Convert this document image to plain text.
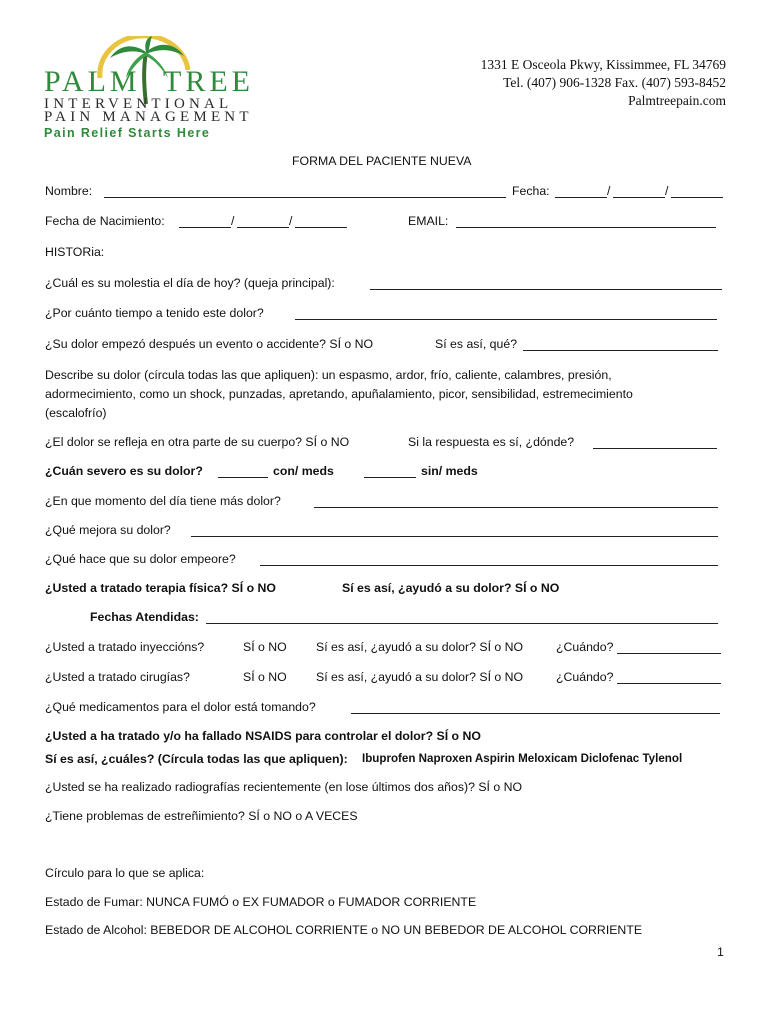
PALM TREE
INTERVENTIONAL
PAIN MANAGEMENT
Pain Relief Starts Here
1331 E Osceola Pkwy, Kissimmee, FL 34769
Tel. (407) 906-1328 Fax. (407) 593-8452
Palmtreepain.com
FORMA DEL PACIENTE NUEVA
Nombre:	Fecha:	/	/
Fecha de Nacimiento:	/	/	EMAIL:
HISTORia:
¿Cuál es su molestia el día de hoy? (queja principal):
¿Por cuánto tiempo a tenido este dolor?
¿Su dolor empezó después un evento o accidente? SÍ o NO	Sí es así, qué?
Describe su dolor (círcula todas las que apliquen): un espasmo, ardor, frío, caliente, calambres, presión,
adormecimiento, como un shock, punzadas, apretando, apuñalamiento, picor, sensibilidad, estremecimiento
(escalofrío)
¿El dolor se refleja en otra parte de su cuerpo? SÍ o NO	Si la respuesta es sí, ¿dónde?
¿Cuán severo es su dolor?	con/ meds	sin/ meds
¿En que momento del día tiene más dolor?
¿Qué mejora su dolor?
¿Qué hace que su dolor empeore?
¿Usted a tratado terapia física? SÍ o NO	Sí es así, ¿ayudó a su dolor? SÍ o NO
Fechas Atendidas:
¿Usted a tratado inyeccións?	SÍ o NO Sí es así, ¿ayudó a su dolor? SÍ o NO	¿Cuándo?
¿Usted a tratado cirugías?	SÍ o NO Sí es así, ¿ayudó a su dolor? SÍ o NO	¿Cuándo?
¿Qué medicamentos para el dolor está tomando?
¿Usted a ha tratado y/o ha fallado NSAIDS para controlar el dolor? SÍ o NO
Sí es así, ¿cuáles? (Círcula todas las que apliquen): Ibuprofen Naproxen Aspirin Meloxicam Diclofenac Tylenol
¿Usted se ha realizado radiografías recientemente (en lose últimos dos años)? SÍ o NO
¿Tiene problemas de estreñimiento? SÍ o NO o A VECES
Círculo para lo que se aplica:
Estado de Fumar: NUNCA FUMÓ o EX FUMADOR o FUMADOR CORRIENTE
Estado de Alcohol: BEBEDOR DE ALCOHOL CORRIENTE o NO UN BEBEDOR DE ALCOHOL CORRIENTE
1
